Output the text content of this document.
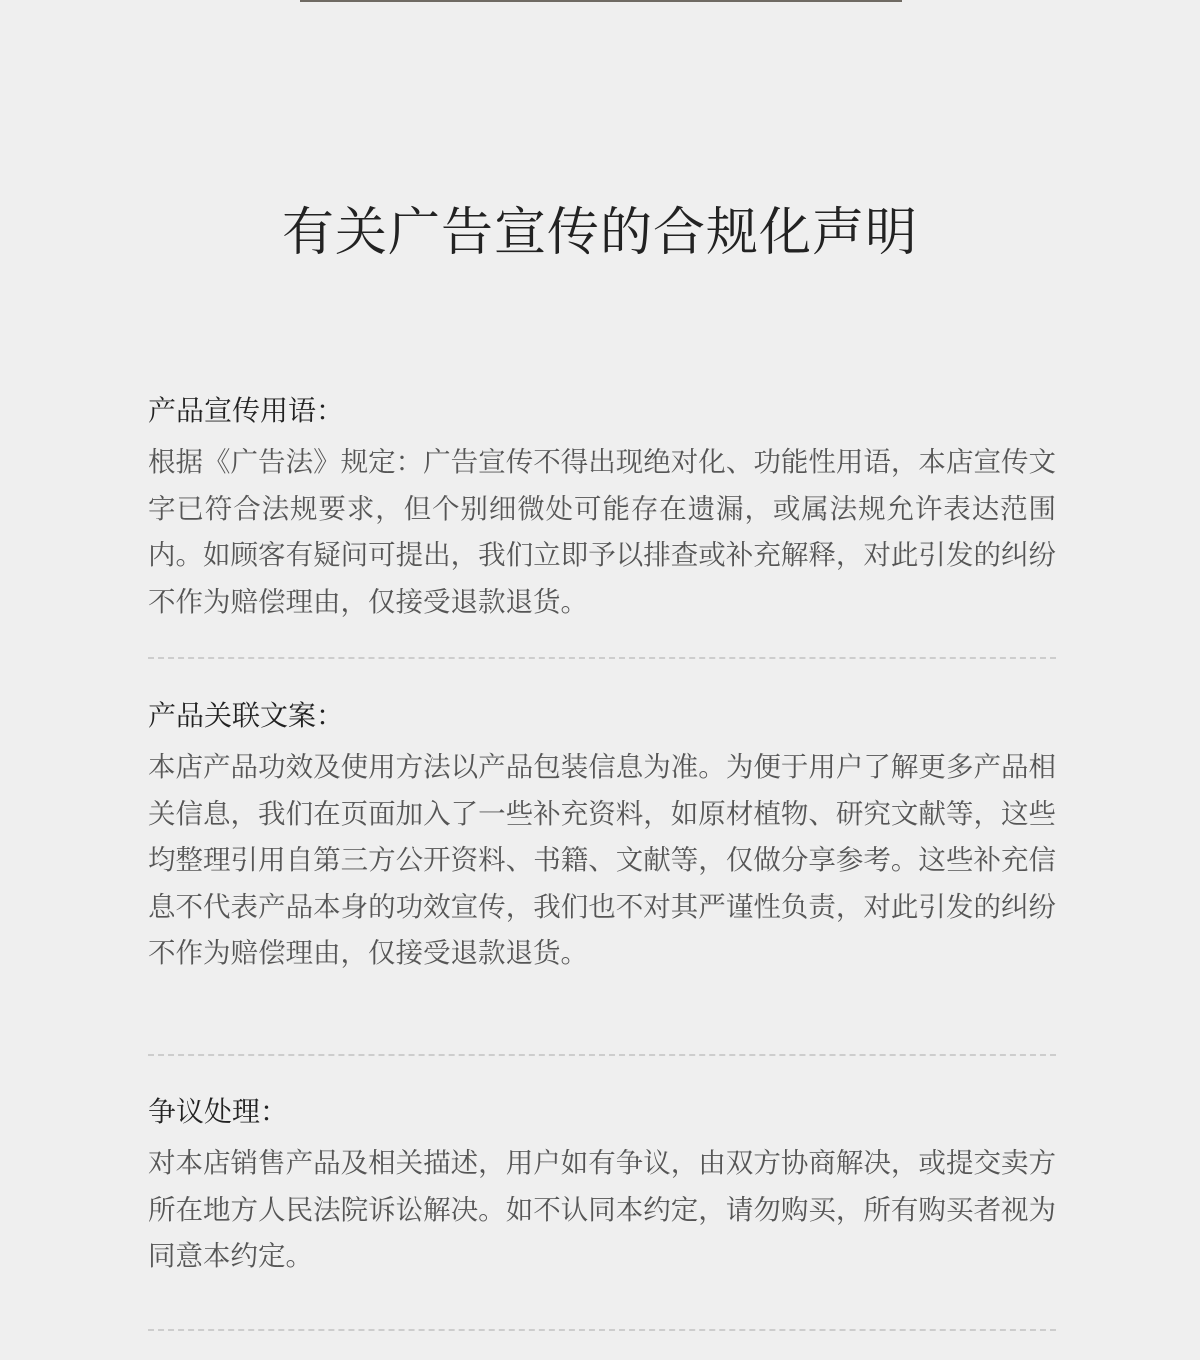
有关广告宣传的合规化声明
产品宣传用语：
根据《广告法》规定：广告宣传不得出现绝对化、功能性用语，本店宣传文字已符合法规要求，但个别细微处可能存在遗漏，或属法规允许表达范围内。如顾客有疑问可提出，我们立即予以排查或补充解释，对此引发的纠纷不作为赔偿理由，仅接受退款退货。
产品关联文案：
本店产品功效及使用方法以产品包装信息为准。为便于用户了解更多产品相关信息，我们在页面加入了一些补充资料，如原材植物、研究文献等，这些均整理引用自第三方公开资料、书籍、文献等，仅做分享参考。这些补充信息不代表产品本身的功效宣传，我们也不对其严谨性负责，对此引发的纠纷不作为赔偿理由，仅接受退款退货。
争议处理：
对本店销售产品及相关描述，用户如有争议，由双方协商解决，或提交卖方所在地方人民法院诉讼解决。如不认同本约定，请勿购买，所有购买者视为同意本约定。
